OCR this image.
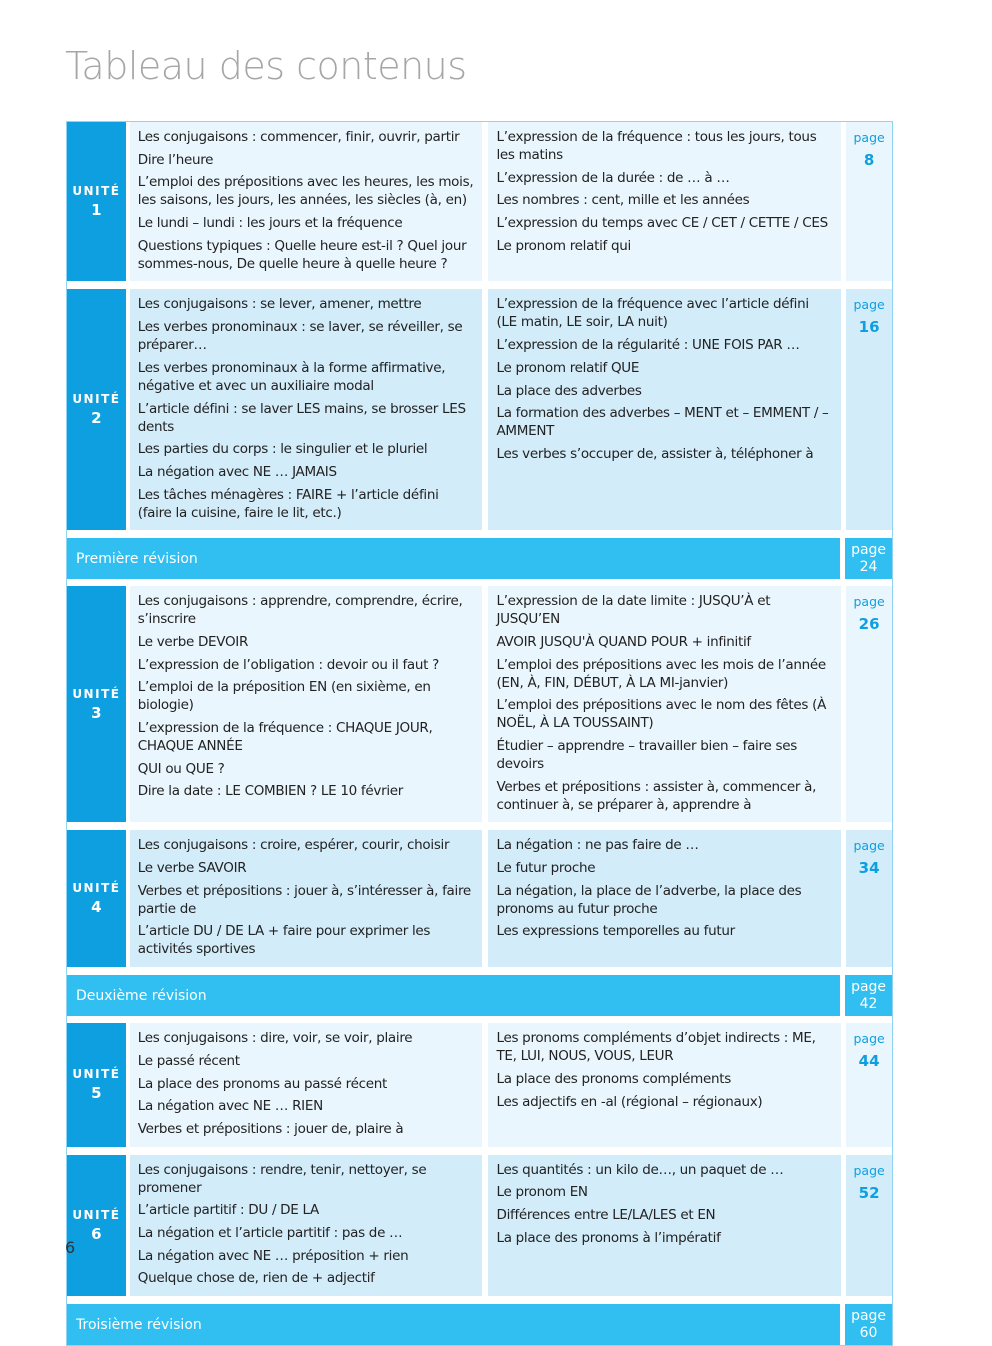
Tableau des contenus
UNITÉ
1
Les conjugaisons : commencer, finir, ouvrir, partir
Dire l’heure
L’emploi des prépositions avec les heures, les mois, les saisons, les jours, les années, les siècles (à, en)
Le lundi – lundi : les jours et la fréquence
Questions typiques : Quelle heure est-il ? Quel jour sommes-nous, De quelle heure à quelle heure ?
L’expression de la fréquence : tous les jours, tous les matins
L’expression de la durée : de … à …
Les nombres : cent, mille et les années
L’expression du temps avec CE / CET / CETTE / CES
Le pronom relatif qui
page
8
UNITÉ
2
Les conjugaisons : se lever, amener, mettre
Les verbes pronominaux : se laver, se réveiller, se préparer…
Les verbes pronominaux à la forme affirmative, négative et avec un auxiliaire modal
L’article défini : se laver LES mains, se brosser LES dents
Les parties du corps : le singulier et le pluriel
La négation avec NE … JAMAIS
Les tâches ménagères : FAIRE + l’article défini (faire la cuisine, faire le lit, etc.)
L’expression de la fréquence avec l’article défini (LE matin, LE soir, LA nuit)
L’expression de la régularité : UNE FOIS PAR …
Le pronom relatif QUE
La place des adverbes
La formation des adverbes – MENT et – EMMENT / – AMMENT
Les verbes s’occuper de, assister à, téléphoner à
page
16
Première révision
page
24
UNITÉ
3
Les conjugaisons : apprendre, comprendre, écrire, s’inscrire
Le verbe DEVOIR
L’expression de l’obligation : devoir ou il faut ?
L’emploi de la préposition EN (en sixième, en biologie)
L’expression de la fréquence : CHAQUE JOUR, CHAQUE ANNÉE
QUI ou QUE ?
Dire la date : LE COMBIEN ? LE 10 février
L’expression de la date limite : JUSQU’À et JUSQU’EN
AVOIR JUSQU'À QUAND POUR + infinitif
L’emploi des prépositions avec les mois de l’année (EN, À, FIN, DÉBUT, À LA MI-janvier)
L’emploi des prépositions avec le nom des fêtes (À NOËL, À LA TOUSSAINT)
Étudier – apprendre – travailler bien – faire ses devoirs
Verbes et prépositions : assister à, commencer à, continuer à, se préparer à, apprendre à
page
26
UNITÉ
4
Les conjugaisons : croire, espérer, courir, choisir
Le verbe SAVOIR
Verbes et prépositions : jouer à, s’intéresser à, faire partie de
L’article DU / DE LA + faire pour exprimer les activités sportives
La négation : ne pas faire de …
Le futur proche
La négation, la place de l’adverbe, la place des pronoms au futur proche
Les expressions temporelles au futur
page
34
Deuxième révision
page
42
UNITÉ
5
Les conjugaisons : dire, voir, se voir, plaire
Le passé récent
La place des pronoms au passé récent
La négation avec NE … RIEN
Verbes et prépositions : jouer de, plaire à
Les pronoms compléments d’objet indirects : ME, TE, LUI, NOUS, VOUS, LEUR
La place des pronoms compléments
Les adjectifs en -al (régional – régionaux)
page
44
UNITÉ
6
Les conjugaisons : rendre, tenir, nettoyer, se promener
L’article partitif : DU / DE LA
La négation et l’article partitif : pas de …
La négation avec NE … préposition + rien
Quelque chose de, rien de + adjectif
Les quantités : un kilo de…, un paquet de …
Le pronom EN
Différences entre LE/LA/LES et EN
La place des pronoms à l’impératif
page
52
Troisième révision
page
60
6
